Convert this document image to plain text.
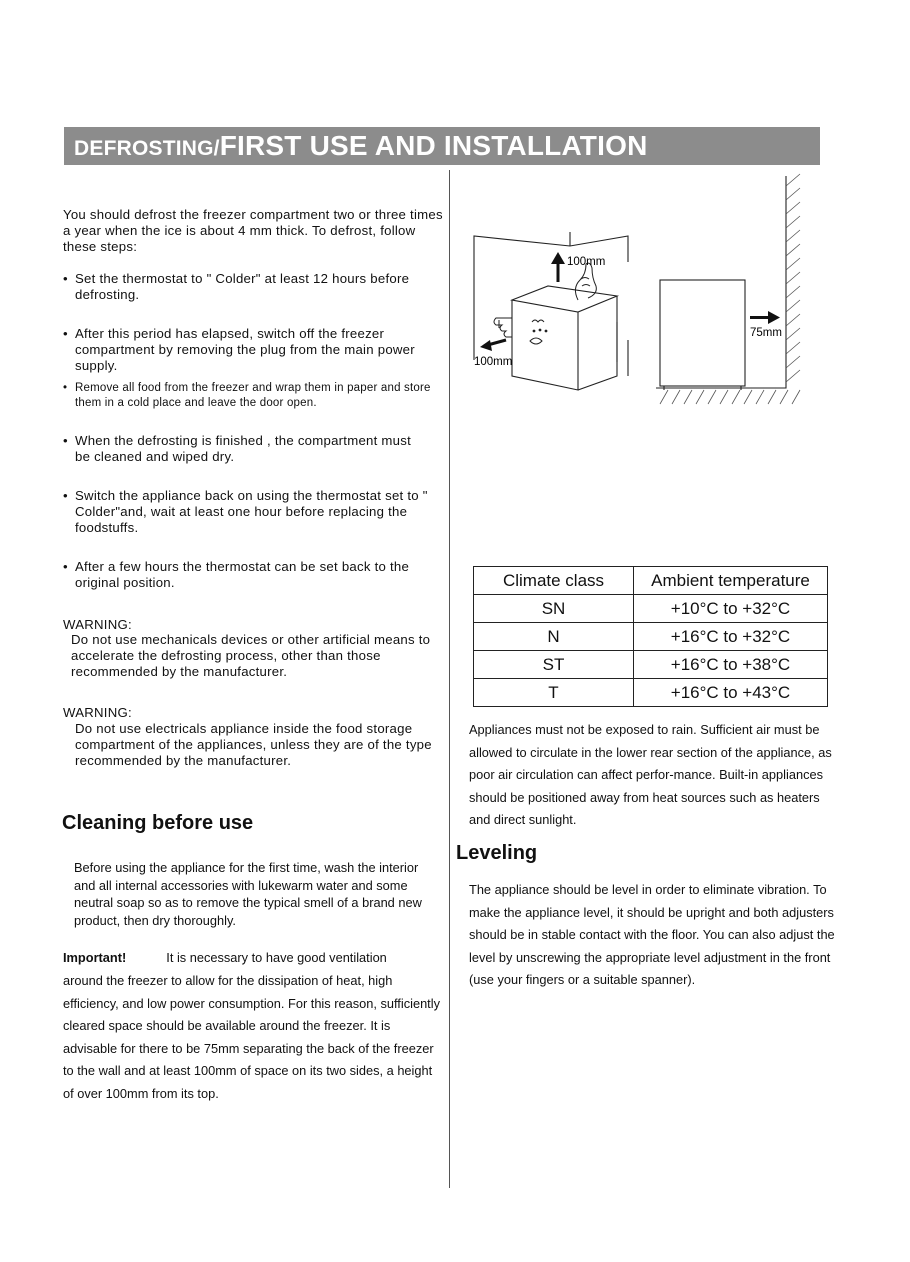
DEFROSTING/FIRST USE AND INSTALLATION
You should defrost the freezer compartment two or three times a year when the ice is about 4 mm thick. To defrost, follow these steps:
• Set the thermostat to " Colder" at least 12 hours before defrosting.
• After this period has elapsed, switch off the freezer compartment by removing the plug from the main power supply.
• Remove all food from the freezer and wrap them in paper and store them in a cold place and leave the door open.
• When the defrosting is finished , the compartment must be cleaned and wiped dry.
• Switch the appliance back on using the thermostat set to " Colder"and, wait at least one hour before replacing the foodstuffs.
• After a few hours the thermostat can be set back to the original position.
WARNING:
Do not use mechanicals devices or other artificial means to accelerate the defrosting process, other than those recommended by the manufacturer.
WARNING:
Do not use electricals appliance inside the food storage compartment of the appliances, unless they are of the type recommended by the manufacturer.
Cleaning before use
Before using the appliance for the first time, wash the interior and all internal accessories with lukewarm water and some neutral soap so as to remove the typical smell of a brand new product, then dry thoroughly.
Important!	It is necessary to have good ventilation
around the freezer to allow for the dissipation of heat, high efficiency, and low power consumption. For this reason, sufficiently cleared space should be available around the freezer. It is advisable for there to be 75mm separating the back of the freezer to the wall and at least 100mm of space on its two sides, a height of over 100mm from its top.
100mm
100mm
75mm
Climate class	Ambient temperature
SN	+10°C to +32°C
N	+16°C to +32°C
ST	+16°C to +38°C
T	+16°C to +43°C
Appliances must not be exposed to rain. Sufficient air must be allowed to circulate in the lower rear section of the appliance, as poor air circulation can affect perfor-mance. Built-in appliances should be positioned away from heat sources such as heaters and direct sunlight.
Leveling
The appliance should be level in order to eliminate vibration. To make the appliance level, it should be upright and both adjusters should be in stable contact with the floor. You can also adjust the level by unscrewing the appropriate level adjustment in the front (use your fingers or a suitable spanner).
